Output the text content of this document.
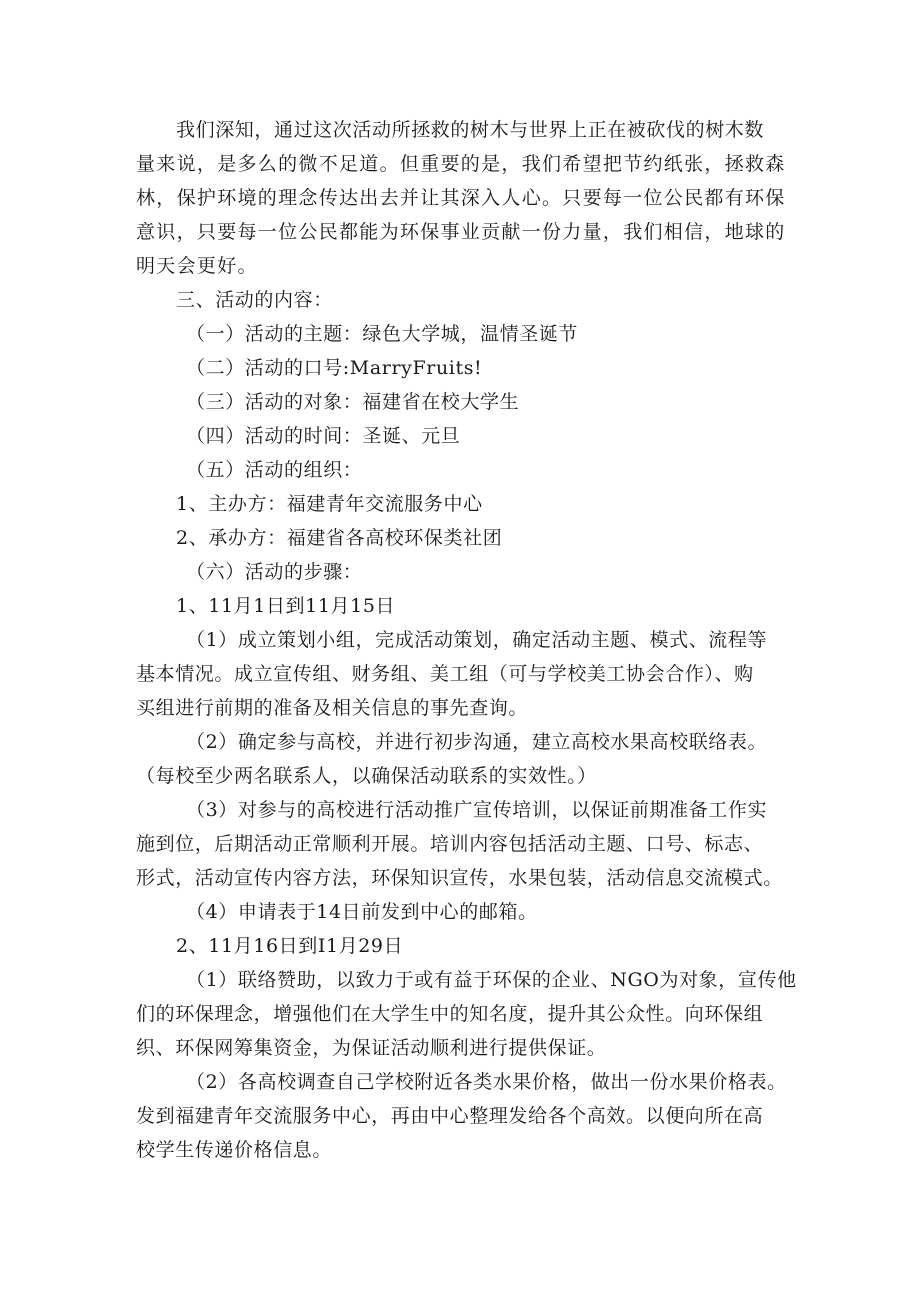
我们深知，通过这次活动所拯救的树木与世界上正在被砍伐的树木数
量来说，是多么的微不足道。但重要的是，我们希望把节约纸张，拯救森
林，保护环境的理念传达出去并让其深入人心。只要每一位公民都有环保
意识，只要每一位公民都能为环保事业贡献一份力量，我们相信，地球的
明天会更好。
三、活动的内容：
（一）活动的主题：绿色大学城，温情圣诞节
（二）活动的口号:MarryFruits!
（三）活动的对象：福建省在校大学生
（四）活动的时间：圣诞、元旦
（五）活动的组织：
1、主办方：福建青年交流服务中心
2、承办方：福建省各高校环保类社团
（六）活动的步骤：
1、11月1日到11月15日
（1）成立策划小组，完成活动策划，确定活动主题、模式、流程等
基本情况。成立宣传组、财务组、美工组（可与学校美工协会合作）、购
买组进行前期的准备及相关信息的事先查询。
（2）确定参与高校，并进行初步沟通，建立高校水果高校联络表。
（每校至少两名联系人，以确保活动联系的实效性。）
（3）对参与的高校进行活动推广宣传培训，以保证前期准备工作实
施到位，后期活动正常顺利开展。培训内容包括活动主题、口号、标志、
形式，活动宣传内容方法，环保知识宣传，水果包装，活动信息交流模式。
（4）申请表于14日前发到中心的邮箱。
2、11月16日到I1月29日
（1）联络赞助，以致力于或有益于环保的企业、NGO为对象，宣传他
们的环保理念，增强他们在大学生中的知名度，提升其公众性。向环保组
织、环保网筹集资金，为保证活动顺利进行提供保证。
（2）各高校调查自己学校附近各类水果价格，做出一份水果价格表。
发到福建青年交流服务中心，再由中心整理发给各个高效。以便向所在高
校学生传递价格信息。
